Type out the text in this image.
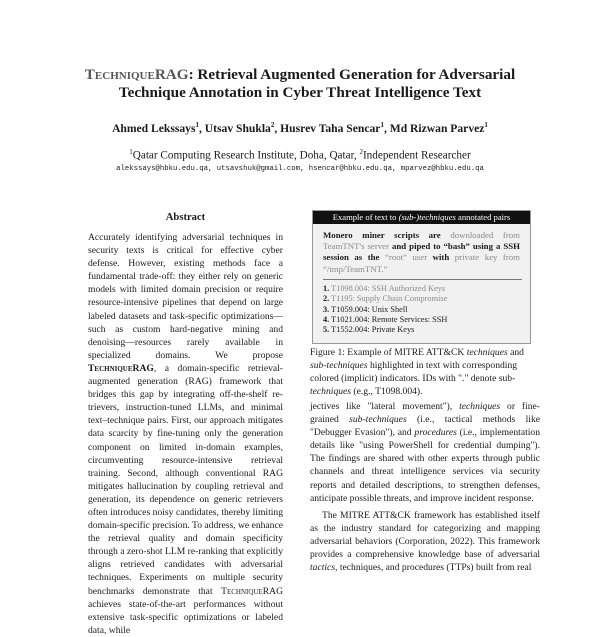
TechniqueRAG: Retrieval Augmented Generation for Adversarial
Technique Annotation in Cyber Threat Intelligence Text
Ahmed Lekssays$^1$, Utsav Shukla$^2$, Husrev Taha Sencar$^1$, Md Rizwan Parvez$^1$
$^1$Qatar Computing Research Institute, Doha, Qatar, $^2$Independent Researcher
alekssays@hbku.edu.qa, utsavshuk@gmail.com, hsencar@hbku.edu.qa, mparvez@hbku.edu.qa
Abstract

Accurately identifying adversarial techniques in security texts is critical for effective cyber defense. However, existing methods face a fundamental trade-off: they either rely on generic models with limited domain precision or require resource-intensive pipelines that depend on large labeled datasets and task-specific optimizations—such as custom hard-negative mining and denoising—resources rarely available in specialized domains. We propose TechniqueRAG, a domain-specific retrieval-augmented generation (RAG) framework that bridges this gap by integrating off-the-shelf retrievers, instruction-tuned LLMs, and minimal text–technique pairs. First, our approach mitigates data scarcity by fine-tuning only the generation component on limited in-domain examples, circumventing resource-intensive retrieval training. Second, although conventional RAG mitigates hallucination by coupling retrieval and generation, its dependence on generic retrievers often introduces noisy candidates, thereby limiting domain-specific precision. To address, we enhance the retrieval quality and domain specificity through a zero-shot LLM re-ranking that explicitly aligns retrieved candidates with adversarial techniques. Experiments on multiple security benchmarks demonstrate that TechniqueRAG achieves state-of-the-art performances without extensive task-specific optimizations or labeled data, while

Example of text to (sub-)techniques annotated pairs
Monero miner scripts are downloaded from TeamTNT's server and piped to “bash” using a SSH session as the “root” user with private key from “/tmp/TeamTNT.”
1. T1098.004: SSH Authorized Keys
2. T1195: Supply Chain Compromise
3. T1059.004: Unix Shell
4. T1021.004: Remote Services: SSH
5. T1552.004: Private Keys
Figure 1: Example of MITRE ATT&CK techniques and sub-techniques highlighted in text with corresponding colored (implicit) indicators. IDs with "." denote sub-techniques (e.g., T1098.004).

jectives like "lateral movement"), techniques or fine-grained sub-techniques (i.e., tactical methods like "Debugger Evasion"), and procedures (i.e., implementation details like "using PowerShell for credential dumping"). The findings are shared with other experts through public channels and threat intelligence services via security reports and detailed descriptions, to strengthen defenses, anticipate possible threats, and improve incident response.

The MITRE ATT&CK framework has established itself as the industry standard for categorizing and mapping adversarial behaviors (Corporation, 2022). This framework provides a comprehensive knowledge base of adversarial tactics, techniques, and procedures (TTPs) built from real
